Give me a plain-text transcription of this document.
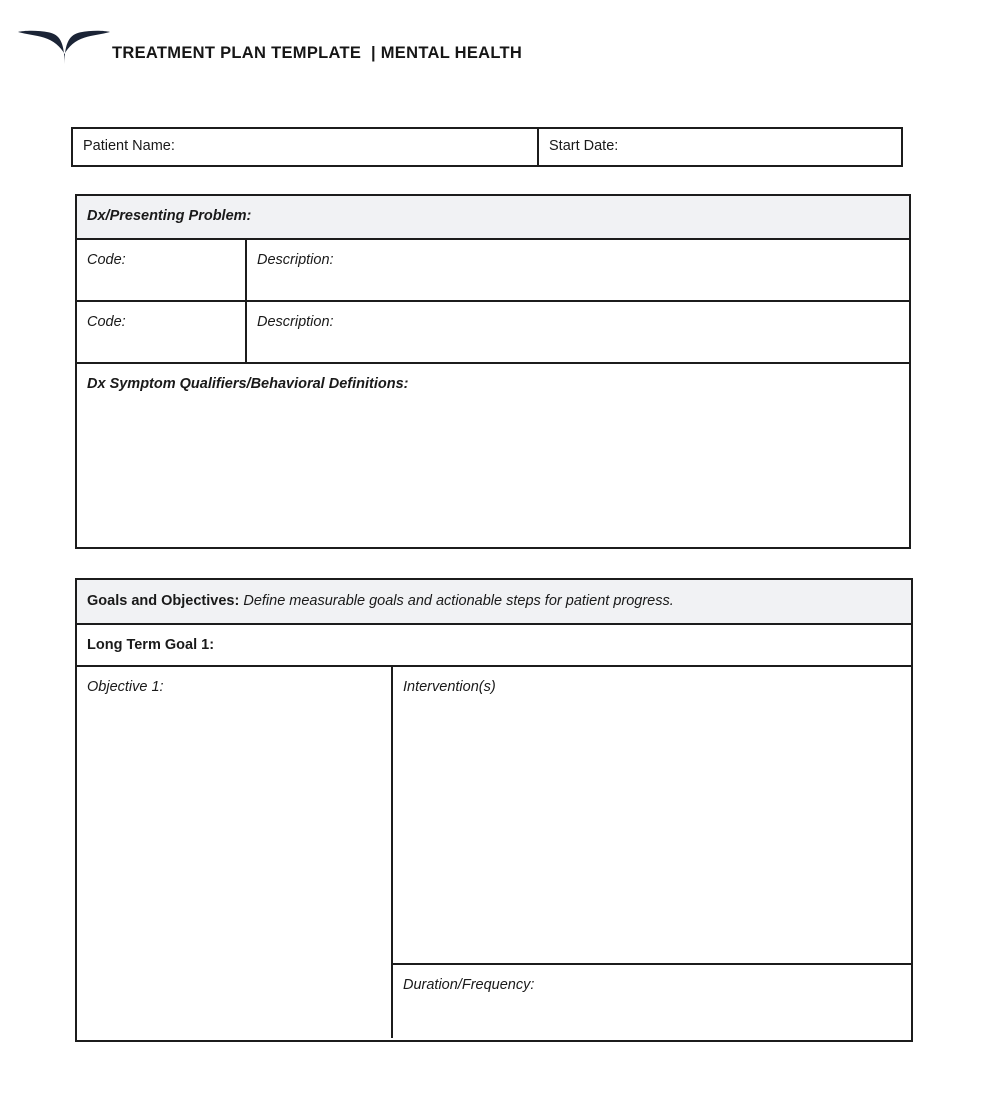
TREATMENT PLAN TEMPLATE  | MENTAL HEALTH
Patient Name:	Start Date:
Dx/Presenting Problem:
Code:	Description:
Code:	Description:
Dx Symptom Qualifiers/Behavioral Definitions:
Goals and Objectives: Define measurable goals and actionable steps for patient progress.
Long Term Goal 1:
Objective 1:	Intervention(s)
Duration/Frequency:
